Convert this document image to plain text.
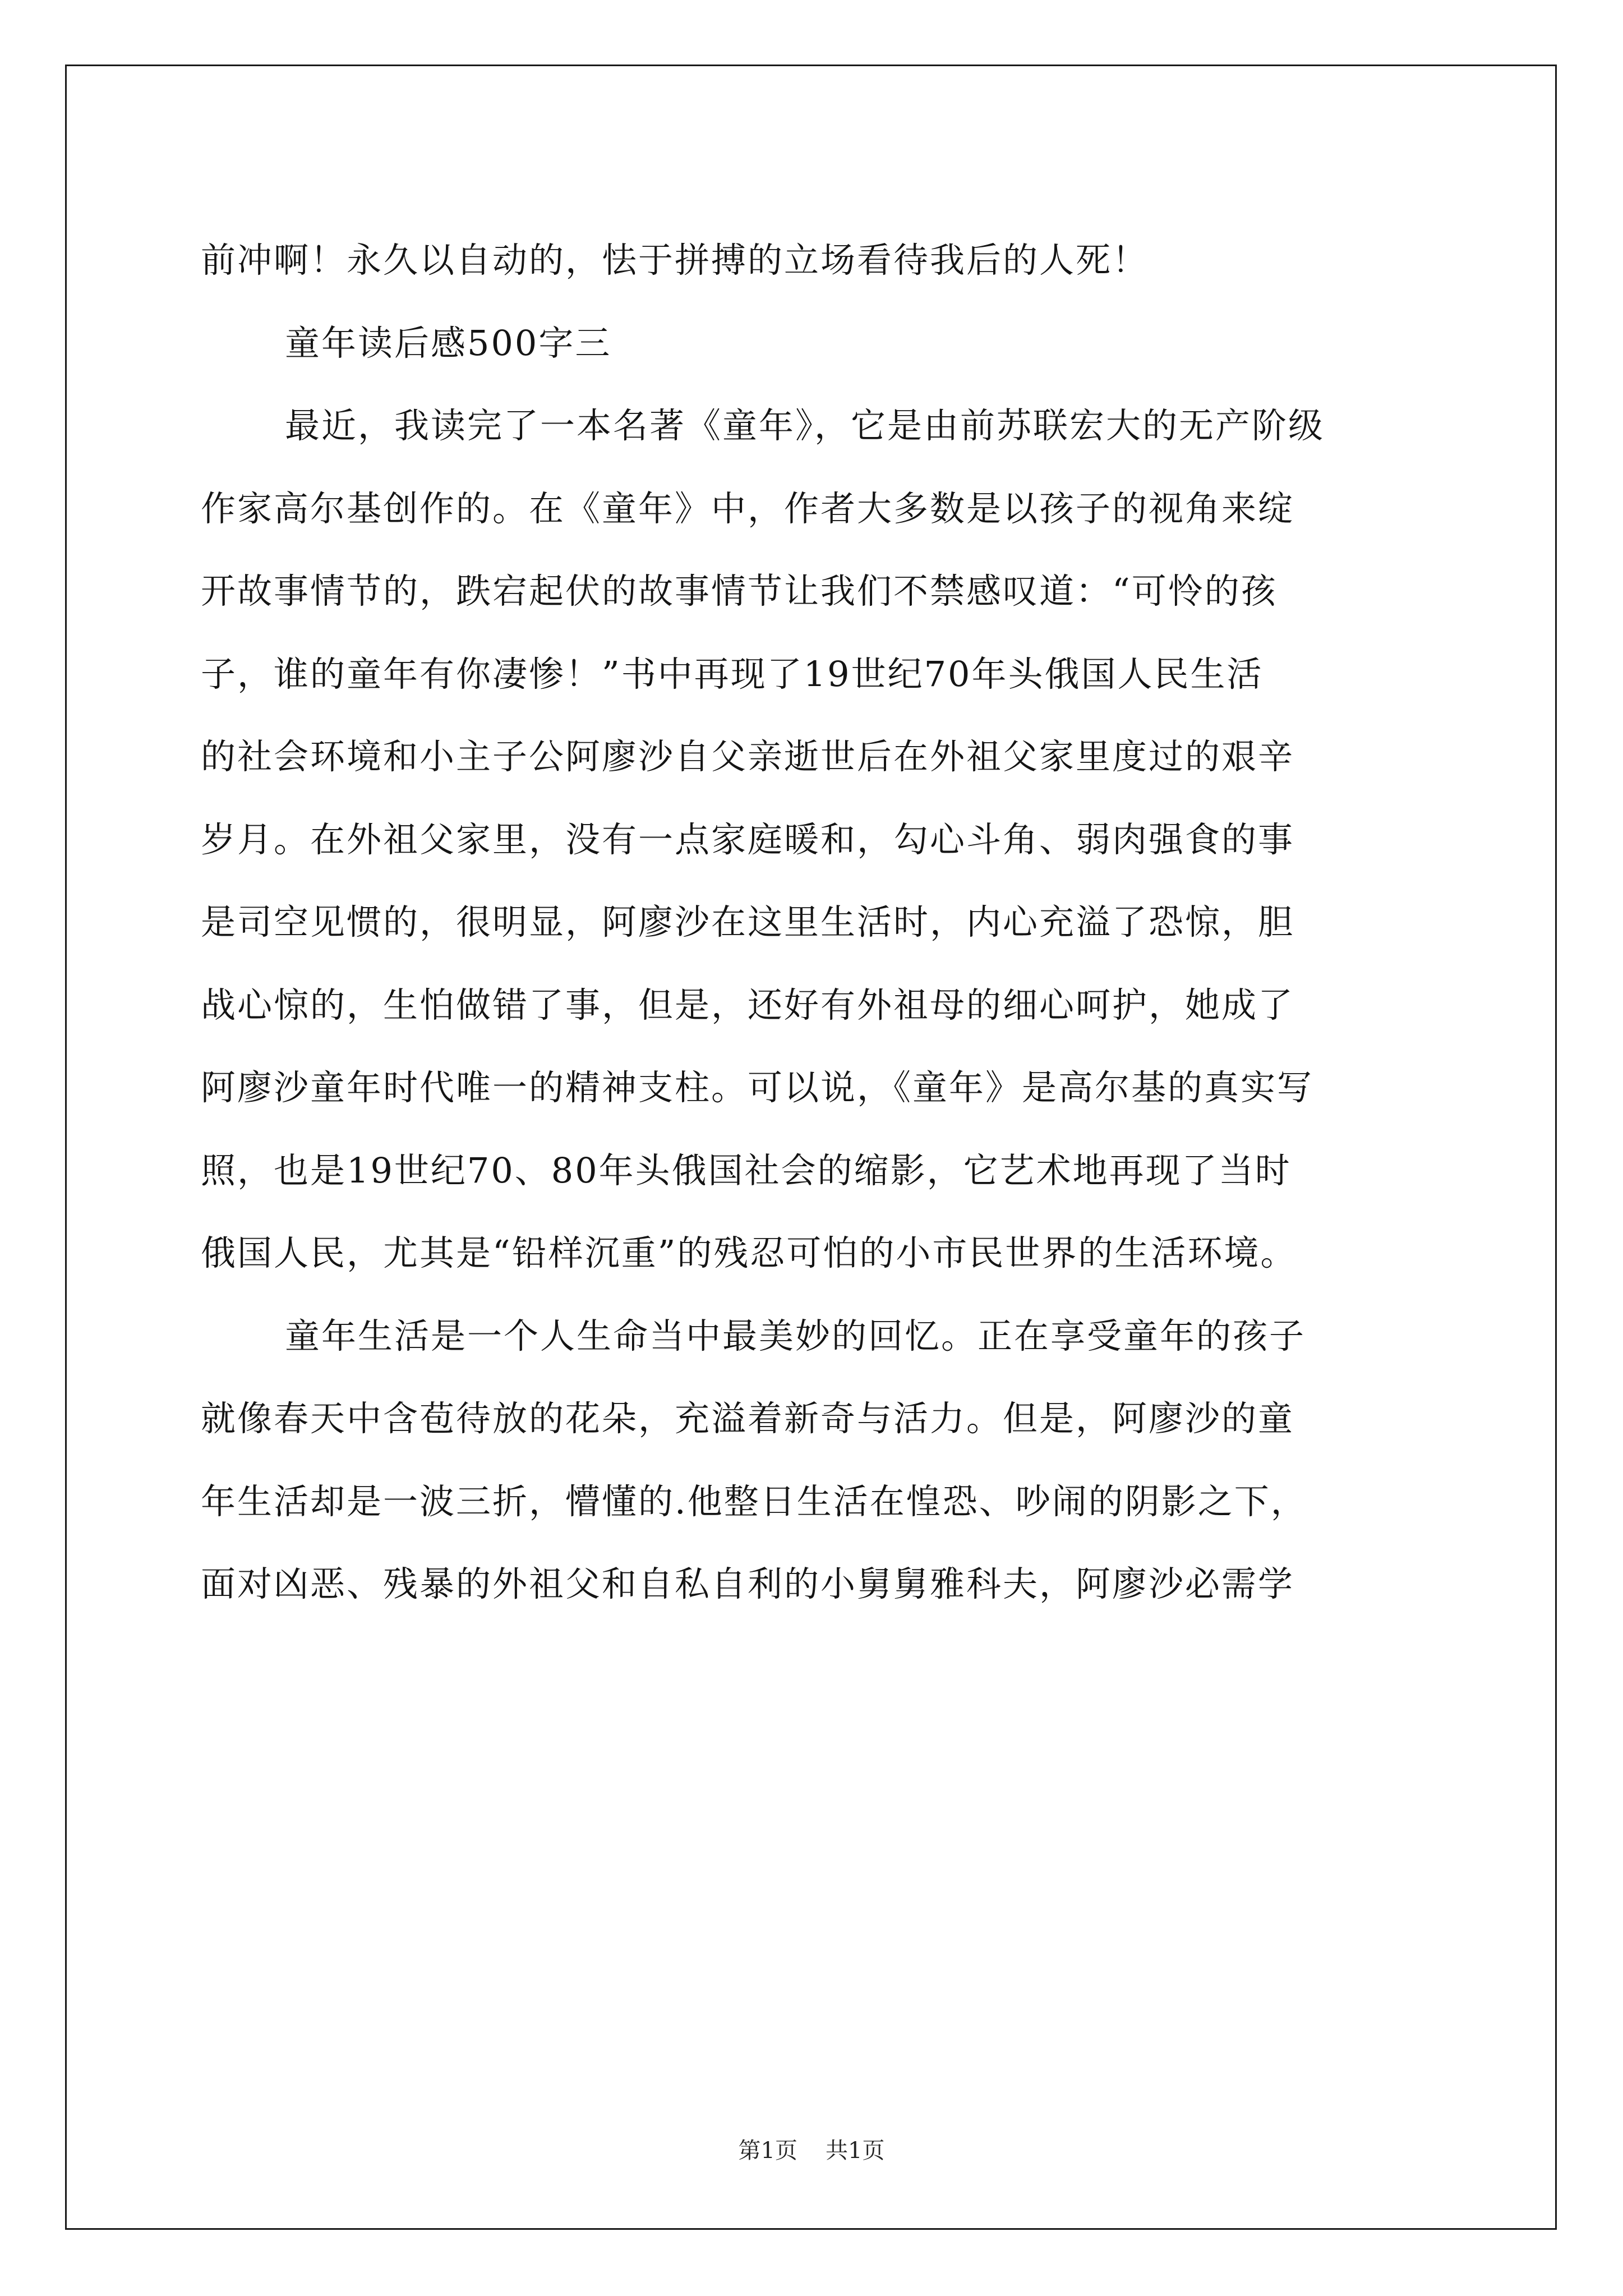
前冲啊！永久以自动的，怯于拼搏的立场看待我后的人死！
童年读后感500字三
最近，我读完了一本名著《童年》，它是由前苏联宏大的无产阶级
作家高尔基创作的。在《童年》中，作者大多数是以孩子的视角来绽
开故事情节的，跌宕起伏的故事情节让我们不禁感叹道：“可怜的孩
子，谁的童年有你凄惨！”书中再现了19世纪70年头俄国人民生活
的社会环境和小主子公阿廖沙自父亲逝世后在外祖父家里度过的艰辛
岁月。在外祖父家里，没有一点家庭暖和，勾心斗角、弱肉强食的事
是司空见惯的，很明显，阿廖沙在这里生活时，内心充溢了恐惊，胆
战心惊的，生怕做错了事，但是，还好有外祖母的细心呵护，她成了
阿廖沙童年时代唯一的精神支柱。可以说，《童年》是高尔基的真实写
照，也是19世纪70、80年头俄国社会的缩影，它艺术地再现了当时
俄国人民，尤其是“铅样沉重”的残忍可怕的小市民世界的生活环境。
童年生活是一个人生命当中最美妙的回忆。正在享受童年的孩子
就像春天中含苞待放的花朵，充溢着新奇与活力。但是，阿廖沙的童
年生活却是一波三折，懵懂的.他整日生活在惶恐、吵闹的阴影之下，
面对凶恶、残暴的外祖父和自私自利的小舅舅雅科夫，阿廖沙必需学
第1页 共1页
